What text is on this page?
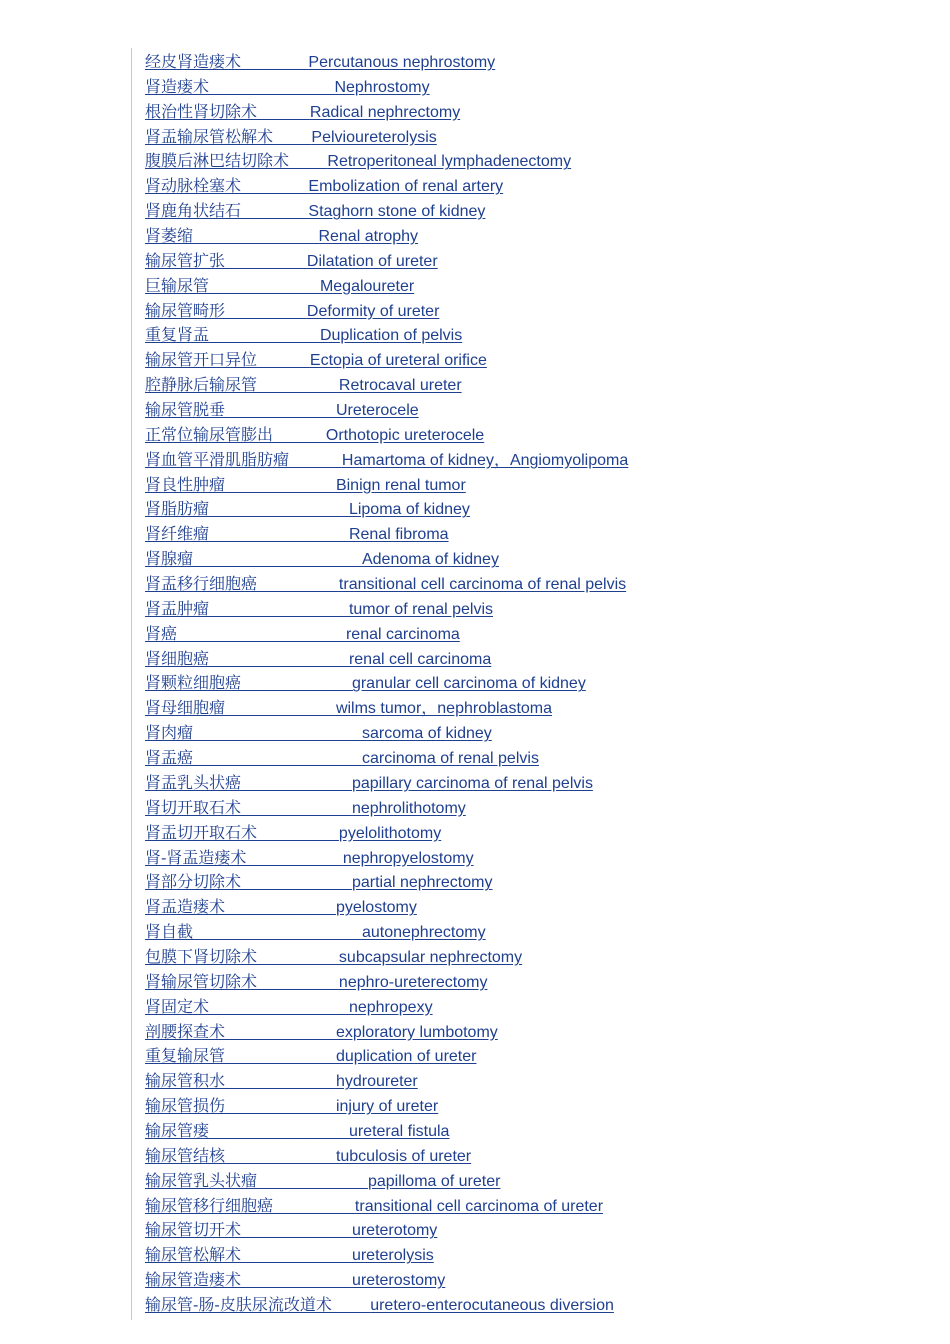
经皮肾造瘘术_ _ _ _ _Percutanous nephrostomy
肾造瘘术_ _ _ _ _ _ _ _ _Nephrostomy
根治性肾切除术_ _ _ _Radical nephrectomy
肾盂输尿管松解术_ _ _Pelvioureterolysis
腹膜后淋巴结切除术_ _ _Retroperitoneal lymphadenectomy
肾动脉栓塞术_ _ _ _ _Embolization of renal artery
肾鹿角状结石_ _ _ _ _Staghorn stone of kidney
肾萎缩_ _ _ _ _ _ _ _ _Renal atrophy
输尿管扩张_ _ _ _ _ _Dilatation of ureter
巨输尿管_ _ _ _ _ _ _ _Megaloureter
输尿管畸形_ _ _ _ _ _Deformity of ureter
重复肾盂_ _ _ _ _ _ _ _Duplication of pelvis
输尿管开口异位_ _ _ _Ectopia of ureteral orifice
腔静脉后输尿管_ _ _ _ _ _Retrocaval ureter
输尿管脱垂_ _ _ _ _ _ _ _Ureterocele
正常位输尿管膨出_ _ _ _Orthotopic ureterocele
肾血管平滑肌脂肪瘤_ _ _ _Hamartoma of kidney，Angiomyolipoma
肾良性肿瘤_ _ _ _ _ _ _ _Binign renal tumor
肾脂肪瘤_ _ _ _ _ _ _ _ _ _Lipoma of kidney
肾纤维瘤_ _ _ _ _ _ _ _ _ _Renal fibroma
肾腺瘤_ _ _ _ _ _ _ _ _ _ _ _Adenoma of kidney
肾盂移行细胞癌_ _ _ _ _ _transitional cell carcinoma of renal pelvis
肾盂肿瘤_ _ _ _ _ _ _ _ _ _tumor of renal pelvis
肾癌_ _ _ _ _ _ _ _ _ _ _ _renal carcinoma
肾细胞癌_ _ _ _ _ _ _ _ _ _renal cell carcinoma
肾颗粒细胞癌_ _ _ _ _ _ _ _granular cell carcinoma of kidney
肾母细胞瘤_ _ _ _ _ _ _ _wilms tumor，nephroblastoma
肾肉瘤_ _ _ _ _ _ _ _ _ _ _ _sarcoma of kidney
肾盂癌_ _ _ _ _ _ _ _ _ _ _ _carcinoma of renal pelvis
肾盂乳头状癌_ _ _ _ _ _ _ _papillary carcinoma of renal pelvis
肾切开取石术_ _ _ _ _ _ _ _nephrolithotomy
肾盂切开取石术_ _ _ _ _ _pyelolithotomy
肾-肾盂造瘘术_ _ _ _ _ _ _nephropyelostomy
肾部分切除术_ _ _ _ _ _ _ _partial nephrectomy
肾盂造瘘术_ _ _ _ _ _ _ _pyelostomy
肾自截_ _ _ _ _ _ _ _ _ _ _ _autonephrectomy
包膜下肾切除术_ _ _ _ _ _subcapsular nephrectomy
肾输尿管切除术_ _ _ _ _ _nephro-ureterectomy
肾固定术_ _ _ _ _ _ _ _ _ _nephropexy
剖腰探查术_ _ _ _ _ _ _ _exploratory lumbotomy
重复输尿管_ _ _ _ _ _ _ _duplication of ureter
输尿管积水_ _ _ _ _ _ _ _hydroureter
输尿管损伤_ _ _ _ _ _ _ _injury of ureter
输尿管瘘_ _ _ _ _ _ _ _ _ _ureteral fistula
输尿管结核_ _ _ _ _ _ _ _tubculosis of ureter
输尿管乳头状瘤_ _ _ _ _ _ _ _papilloma of ureter
输尿管移行细胞癌_ _ _ _ _ _transitional cell carcinoma of ureter
输尿管切开术_ _ _ _ _ _ _ _ureterotomy
输尿管松解术_ _ _ _ _ _ _ _ureterolysis
输尿管造瘘术_ _ _ _ _ _ _ _ureterostomy
输尿管-肠-皮肤尿流改道术_ _ _uretero-enterocutaneous diversion
